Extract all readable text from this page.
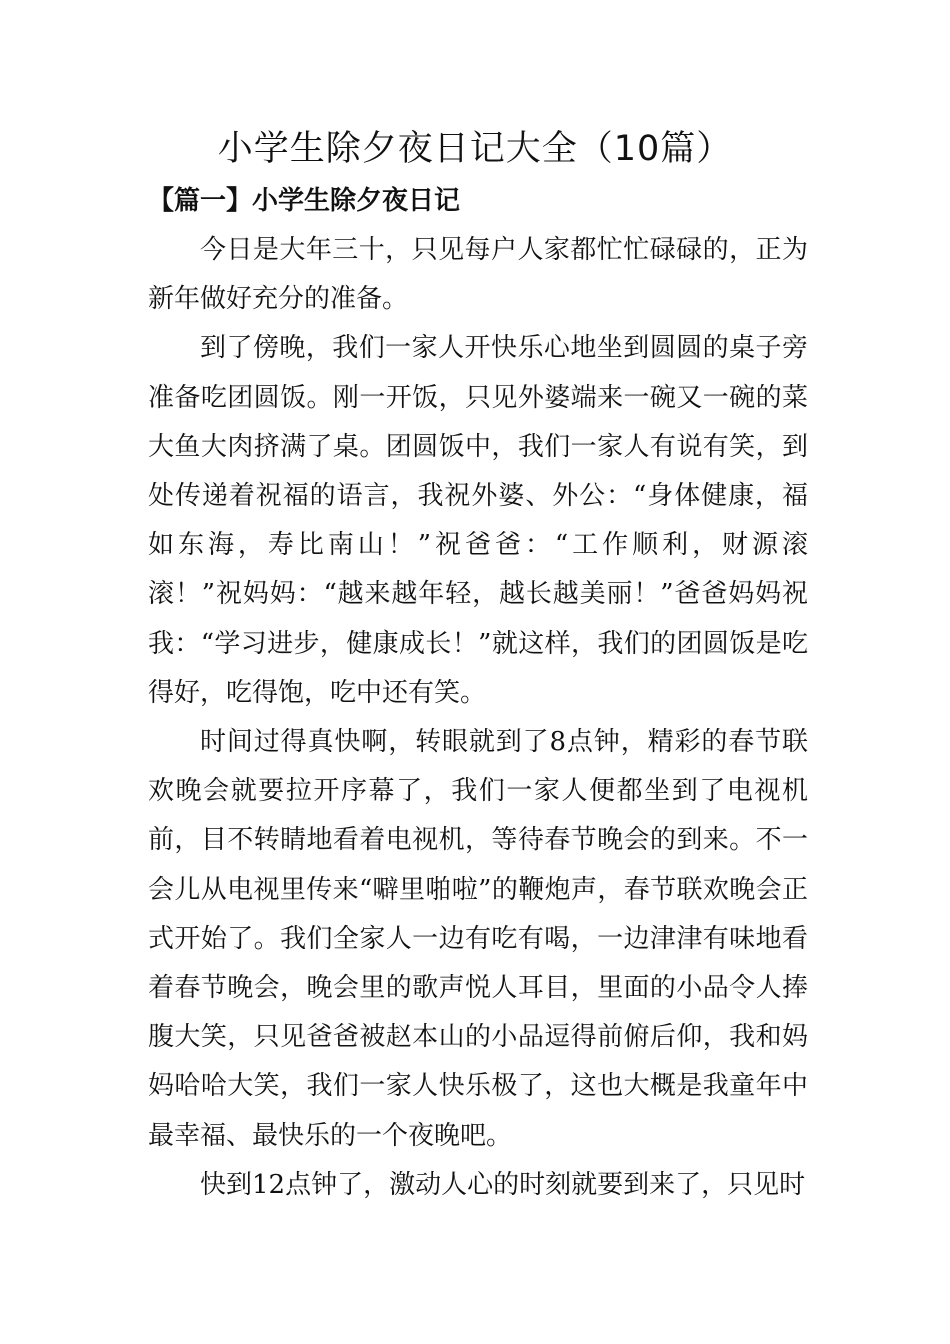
小学生除夕夜日记大全（10篇）
【篇一】小学生除夕夜日记

今日是大年三十，只见每户人家都忙忙碌碌的，正为新年做好充分的准备。

到了傍晚，我们一家人开快乐心地坐到圆圆的桌子旁准备吃团圆饭。刚一开饭，只见外婆端来一碗又一碗的菜大鱼大肉挤满了桌。团圆饭中，我们一家人有说有笑，到处传递着祝福的语言，我祝外婆、外公：“身体健康，福如东海，寿比南山！”祝爸爸：“工作顺利，财源滚滚！”祝妈妈：“越来越年轻，越长越美丽！”爸爸妈妈祝我：“学习进步，健康成长！”就这样，我们的团圆饭是吃得好，吃得饱，吃中还有笑。

时间过得真快啊，转眼就到了8点钟，精彩的春节联欢晚会就要拉开序幕了，我们一家人便都坐到了电视机前，目不转睛地看着电视机，等待春节晚会的到来。不一会儿从电视里传来“噼里啪啦”的鞭炮声，春节联欢晚会正式开始了。我们全家人一边有吃有喝，一边津津有味地看着春节晚会，晚会里的歌声悦人耳目，里面的小品令人捧腹大笑，只见爸爸被赵本山的小品逗得前俯后仰，我和妈妈哈哈大笑，我们一家人快乐极了，这也大概是我童年中最幸福、最快乐的一个夜晚吧。

快到12点钟了，激动人心的时刻就要到来了，只见时
